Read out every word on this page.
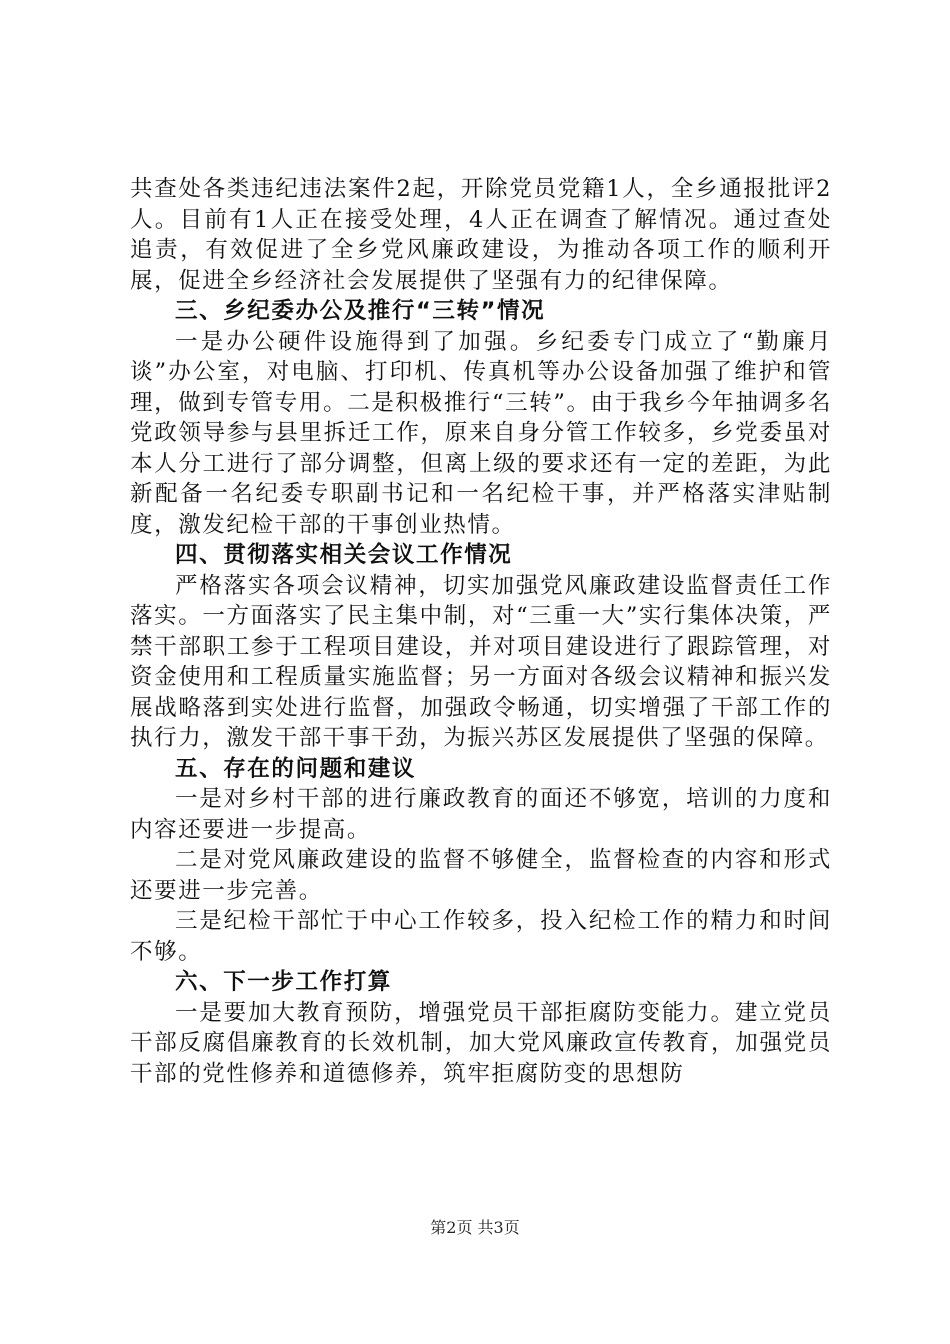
共查处各类违纪违法案件2起，开除党员党籍1人，全乡通报批评2人。目前有1人正在接受处理，4人正在调查了解情况。通过查处追责，有效促进了全乡党风廉政建设，为推动各项工作的顺利开展，促进全乡经济社会发展提供了坚强有力的纪律保障。

三、乡纪委办公及推行“三转”情况

一是办公硬件设施得到了加强。乡纪委专门成立了“勤廉月谈”办公室，对电脑、打印机、传真机等办公设备加强了维护和管理，做到专管专用。二是积极推行“三转”。由于我乡今年抽调多名党政领导参与县里拆迁工作，原来自身分管工作较多，乡党委虽对本人分工进行了部分调整，但离上级的要求还有一定的差距，为此新配备一名纪委专职副书记和一名纪检干事，并严格落实津贴制度，激发纪检干部的干事创业热情。

四、贯彻落实相关会议工作情况

严格落实各项会议精神，切实加强党风廉政建设监督责任工作落实。一方面落实了民主集中制，对“三重一大”实行集体决策，严禁干部职工参于工程项目建设，并对项目建设进行了跟踪管理，对资金使用和工程质量实施监督；另一方面对各级会议精神和振兴发展战略落到实处进行监督，加强政令畅通，切实增强了干部工作的执行力，激发干部干事干劲，为振兴苏区发展提供了坚强的保障。

五、存在的问题和建议

一是对乡村干部的进行廉政教育的面还不够宽，培训的力度和内容还要进一步提高。

二是对党风廉政建设的监督不够健全，监督检查的内容和形式还要进一步完善。

三是纪检干部忙于中心工作较多，投入纪检工作的精力和时间不够。

六、下一步工作打算

一是要加大教育预防，增强党员干部拒腐防变能力。建立党员干部反腐倡廉教育的长效机制，加大党风廉政宣传教育，加强党员干部的党性修养和道德修养，筑牢拒腐防变的思想防

第2页 共3页
